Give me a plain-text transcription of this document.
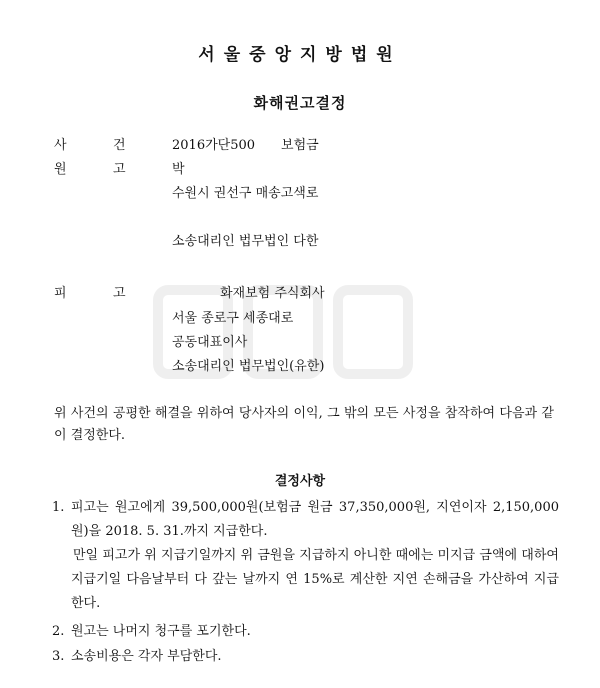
서울중앙지방법원
화해권고결정
사	건	2016가단500 보험금
원	고	박
수원시 권선구 매송고색로
소송대리인 법무법인 다한
피	고	화재보험 주식회사
서울 종로구 세종대로
공동대표이사
소송대리인 법무법인(유한)
위 사건의 공평한 해결을 위하여 당사자의 이익, 그 밖의 모든 사정을 참작하여 다음과 같이 결정한다.
결정사항
1. 피고는 원고에게 39,500,000원(보험금 원금 37,350,000원, 지연이자 2,150,000원)을 2018. 5. 31.까지 지급한다.
만일 피고가 위 지급기일까지 위 금원을 지급하지 아니한 때에는 미지급 금액에 대하여 지급기일 다음날부터 다 갚는 날까지 연 15%로 계산한 지연 손해금을 가산하여 지급한다.
2. 원고는 나머지 청구를 포기한다.
3. 소송비용은 각자 부담한다.
